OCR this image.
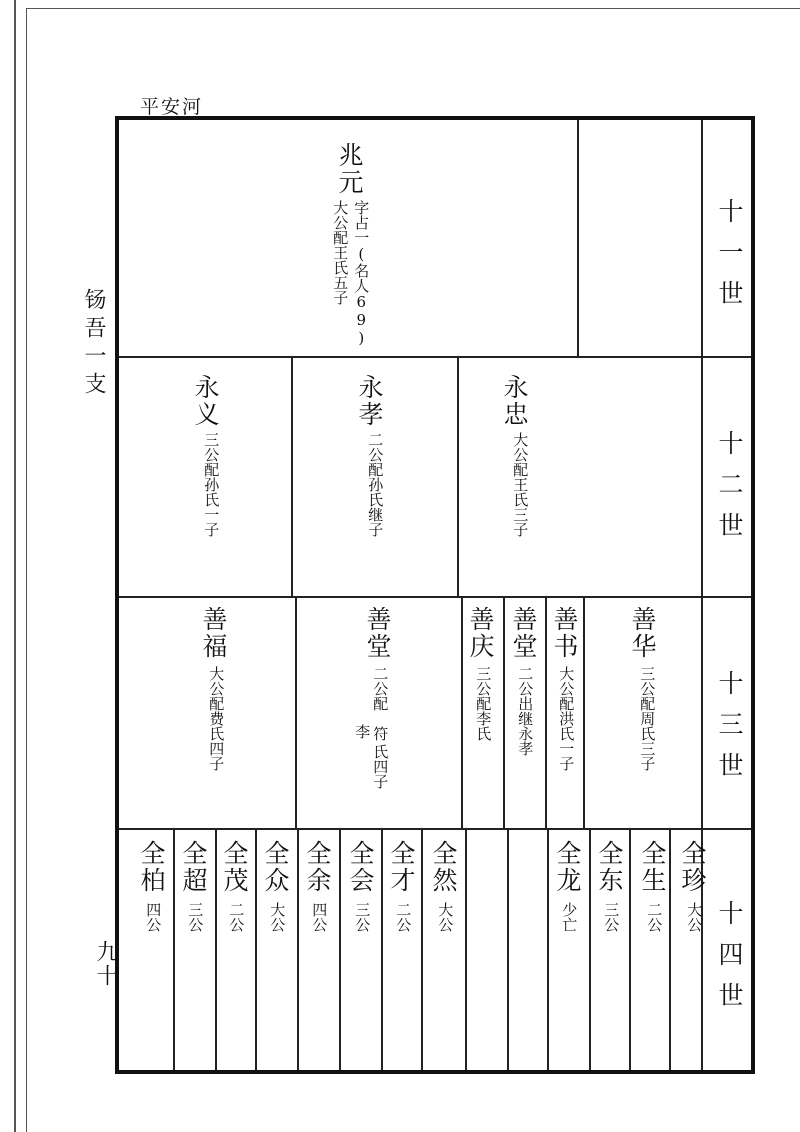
平安河
钖吾一支
九十
十一世
十二世
十三世
十四世
兆元
字占一(名人69)
大公配王氏五子
永忠
大公配王氏三子
永孝
二公配孙氏继子
永义
三公配孙氏一子
善华
三公配周氏三子
善书
大公配洪氏一子
善堂
二公出继永孝
善庆
三公配李氏
善堂
二公配
符
李
氏四子
善福
大公配费氏四子
全珍
大公
全生
二公
全东
三公
全龙
少亡
全然
大公
全才
二公
全会
三公
全余
四公
全众
大公
全茂
二公
全超
三公
全柏
四公
